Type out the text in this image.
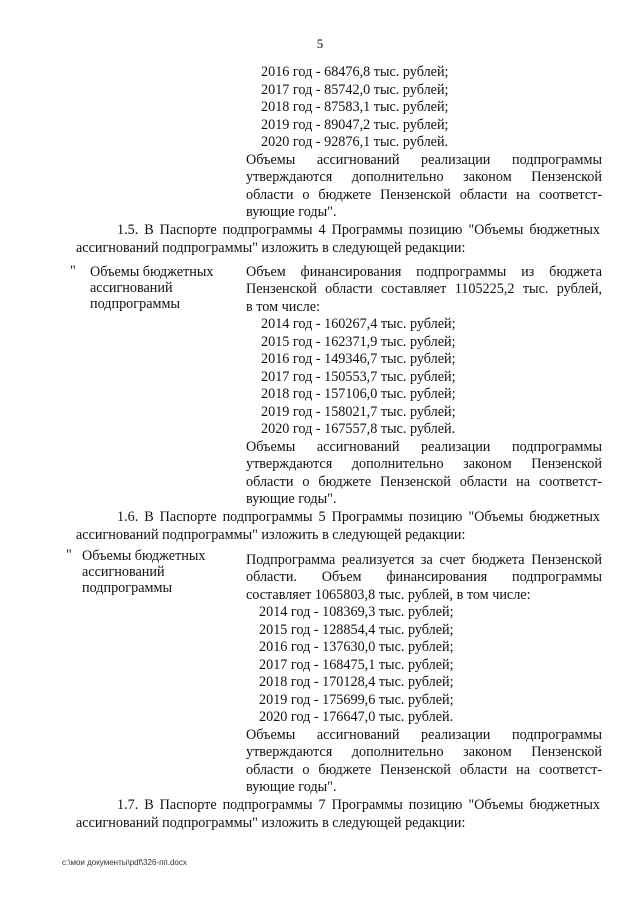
5
2016 год - 68476,8 тыс. рублей;
2017 год - 85742,0 тыс. рублей;
2018 год - 87583,1 тыс. рублей;
2019 год - 89047,2 тыс. рублей;
2020 год - 92876,1 тыс. рублей.
Объемы ассигнований реализации подпрограммы
утверждаются дополнительно законом Пензенской
области о бюджете Пензенской области на соответст-
вующие годы".
1.5. В Паспорте подпрограммы 4 Программы позицию "Объемы бюджетных
ассигнований подпрограммы" изложить в следующей редакции:
" Объемы бюджетных
ассигнований
подпрограммы
Объем финансирования подпрограммы из бюджета
Пензенской области составляет 1105225,2 тыс. рублей,
в том числе:
2014 год - 160267,4 тыс. рублей;
2015 год - 162371,9 тыс. рублей;
2016 год - 149346,7 тыс. рублей;
2017 год - 150553,7 тыс. рублей;
2018 год - 157106,0 тыс. рублей;
2019 год - 158021,7 тыс. рублей;
2020 год - 167557,8 тыс. рублей.
Объемы ассигнований реализации подпрограммы
утверждаются дополнительно законом Пензенской
области о бюджете Пензенской области на соответст-
вующие годы".
1.6. В Паспорте подпрограммы 5 Программы позицию "Объемы бюджетных
ассигнований подпрограммы" изложить в следующей редакции:
" Объемы бюджетных
ассигнований
подпрограммы
Подпрограмма реализуется за счет бюджета Пензенской
области. Объем финансирования подпрограммы
составляет 1065803,8 тыс. рублей, в том числе:
2014 год - 108369,3 тыс. рублей;
2015 год - 128854,4 тыс. рублей;
2016 год - 137630,0 тыс. рублей;
2017 год - 168475,1 тыс. рублей;
2018 год - 170128,4 тыс. рублей;
2019 год - 175699,6 тыс. рублей;
2020 год - 176647,0 тыс. рублей.
Объемы ассигнований реализации подпрограммы
утверждаются дополнительно законом Пензенской
области о бюджете Пензенской области на соответст-
вующие годы".
1.7. В Паспорте подпрограммы 7 Программы позицию "Объемы бюджетных
ассигнований подпрограммы" изложить в следующей редакции:
c:\мои документы\pdf\326-пп.docx
